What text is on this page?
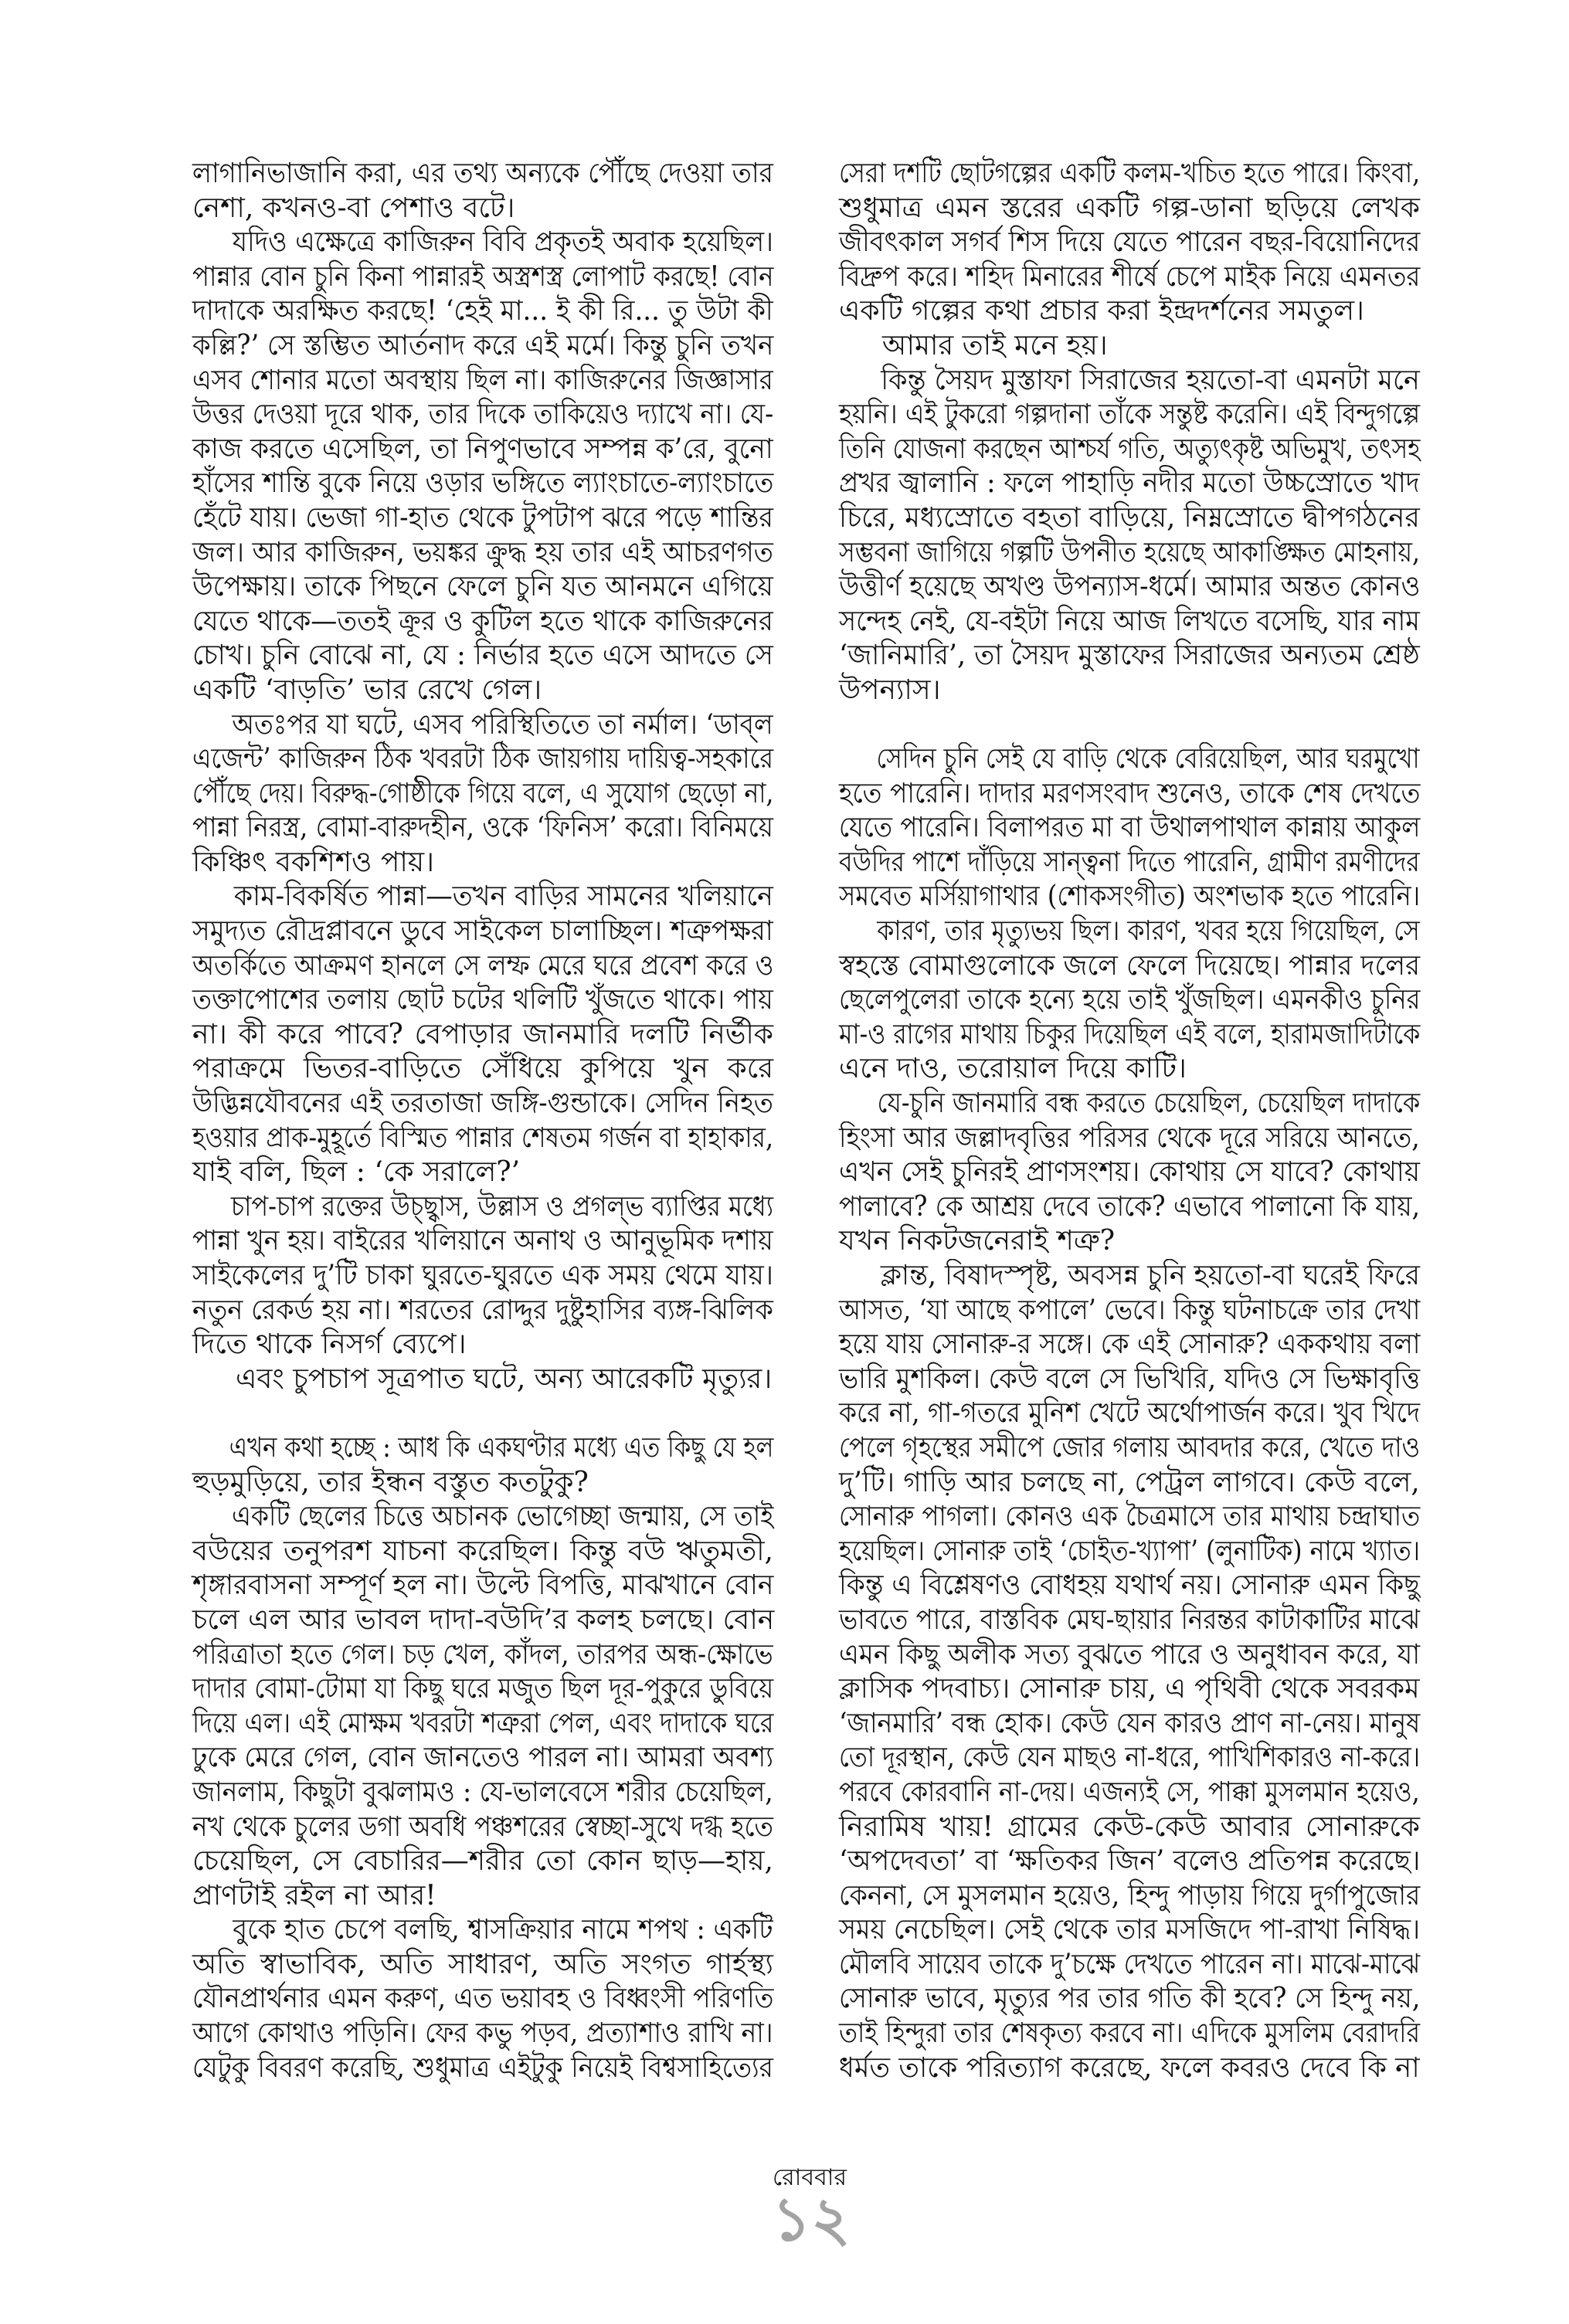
লাগানিভাজানি করা, এর তথ্য অন্যকে পৌঁছে দেওয়া তার
নেশা, কখনও-বা পেশাও বটে।
যদিও এক্ষেত্রে কাজিরুন বিবি প্রকৃতই অবাক হয়েছিল।
পান্নার বোন চুনি কিনা পান্নারই অস্ত্রশস্ত্র লোপাট করছে! বোন
দাদাকে অরক্ষিত করছে! ‘হেই মা... ই কী রি... তু উটা কী
কল্লি?’ সে স্তম্ভিত আর্তনাদ করে এই মর্মে। কিন্তু চুনি তখন
এসব শোনার মতো অবস্থায় ছিল না। কাজিরুনের জিজ্ঞাসার
উত্তর দেওয়া দূরে থাক, তার দিকে তাকিয়েও দ্যাখে না। যে-
কাজ করতে এসেছিল, তা নিপুণভাবে সম্পন্ন ক’রে, বুনো
হাঁসের শান্তি বুকে নিয়ে ওড়ার ভঙ্গিতে ল্যাংচাতে-ল্যাংচাতে
হেঁটে যায়। ভেজা গা-হাত থেকে টুপটাপ ঝরে পড়ে শান্তির
জল। আর কাজিরুন, ভয়ঙ্কর ক্রুদ্ধ হয় তার এই আচরণগত
উপেক্ষায়। তাকে পিছনে ফেলে চুনি যত আনমনে এগিয়ে
যেতে থাকে—ততই ক্রূর ও কুটিল হতে থাকে কাজিরুনের
চোখ। চুনি বোঝে না, যে : নির্ভার হতে এসে আদতে সে
একটি ‘বাড়তি’ ভার রেখে গেল।
অতঃপর যা ঘটে, এসব পরিস্থিতিতে তা নর্মাল। ‘ডাব্‌ল
এজেন্ট’ কাজিরুন ঠিক খবরটা ঠিক জায়গায় দায়িত্ব-সহকারে
পৌঁছে দেয়। বিরুদ্ধ-গোষ্ঠীকে গিয়ে বলে, এ সুযোগ ছেড়ো না,
পান্না নিরস্ত্র, বোমা-বারুদহীন, ওকে ‘ফিনিস’ করো। বিনিময়ে
কিঞ্চিৎ বকশিশও পায়।
কাম-বিকর্ষিত পান্না—তখন বাড়ির সামনের খলিয়ানে
সমুদ্যত রৌদ্রপ্লাবনে ডুবে সাইকেল চালাচ্ছিল। শত্রুপক্ষরা
অতর্কিতে আক্রমণ হানলে সে লম্ফ মেরে ঘরে প্রবেশ করে ও
তক্তাপোশের তলায় ছোট চটের থলিটি খুঁজতে থাকে। পায়
না। কী করে পাবে? বেপাড়ার জানমারি দলটি নির্ভীক
পরাক্রমে ভিতর-বাড়িতে সেঁধিয়ে কুপিয়ে খুন করে
উদ্ভিন্নযৌবনের এই তরতাজা জঙ্গি-গুন্ডাকে। সেদিন নিহত
হওয়ার প্রাক-মুহূর্তে বিস্মিত পান্নার শেষতম গর্জন বা হাহাকার,
যাই বলি, ছিল : ‘কে সরালে?’
চাপ-চাপ রক্তের উচ্ছ্বাস, উল্লাস ও প্রগল্‌ভ ব্যাপ্তির মধ্যে
পান্না খুন হয়। বাইরের খলিয়ানে অনাথ ও আনুভূমিক দশায়
সাইকেলের দু’টি চাকা ঘুরতে-ঘুরতে এক সময় থেমে যায়।
নতুন রেকর্ড হয় না। শরতের রোদ্দুর দুষ্টুহাসির ব্যঙ্গ-ঝিলিক
দিতে থাকে নিসর্গ ব্যেপে।
এবং চুপচাপ সূত্রপাত ঘটে, অন্য আরেকটি মৃত্যুর।
এখন কথা হচ্ছে : আধ কি একঘণ্টার মধ্যে এত কিছু যে হল
হুড়মুড়িয়ে, তার ইন্ধন বস্তুত কতটুকু?
একটি ছেলের চিত্তে অচানক ভোগেচ্ছা জন্মায়, সে তাই
বউয়ের তনুপরশ যাচনা করেছিল। কিন্তু বউ ঋতুমতী,
শৃঙ্গারবাসনা সম্পূর্ণ হল না। উল্টে বিপত্তি, মাঝখানে বোন
চলে এল আর ভাবল দাদা-বউদি’র কলহ চলছে। বোন
পরিত্রাতা হতে গেল। চড় খেল, কাঁদল, তারপর অন্ধ-ক্ষোভে
দাদার বোমা-টোমা যা কিছু ঘরে মজুত ছিল দূর-পুকুরে ডুবিয়ে
দিয়ে এল। এই মোক্ষম খবরটা শত্রুরা পেল, এবং দাদাকে ঘরে
ঢুকে মেরে গেল, বোন জানতেও পারল না। আমরা অবশ্য
জানলাম, কিছুটা বুঝলামও : যে-ভালবেসে শরীর চেয়েছিল,
নখ থেকে চুলের ডগা অবধি পঞ্চশরের স্বেচ্ছা-সুখে দগ্ধ হতে
চেয়েছিল, সে বেচারির—শরীর তো কোন ছাড়—হায়,
প্রাণটাই রইল না আর!
বুকে হাত চেপে বলছি, শ্বাসক্রিয়ার নামে শপথ : একটি
অতি স্বাভাবিক, অতি সাধারণ, অতি সংগত গার্হস্থ্য
যৌনপ্রার্থনার এমন করুণ, এত ভয়াবহ ও বিধ্বংসী পরিণতি
আগে কোথাও পড়িনি। ফের কভু পড়ব, প্রত্যাশাও রাখি না।
যেটুকু বিবরণ করেছি, শুধুমাত্র এইটুকু নিয়েই বিশ্বসাহিত্যের
সেরা দশটি ছোটগল্পের একটি কলম-খচিত হতে পারে। কিংবা,
শুধুমাত্র এমন স্তরের একটি গল্প-ডানা ছড়িয়ে লেখক
জীবৎকাল সগর্ব শিস দিয়ে যেতে পারেন বছর-বিয়োনিদের
বিদ্রুপ করে। শহিদ মিনারের শীর্ষে চেপে মাইক নিয়ে এমনতর
একটি গল্পের কথা প্রচার করা ইন্দ্রদর্শনের সমতুল।
আমার তাই মনে হয়।
কিন্তু সৈয়দ মুস্তাফা সিরাজের হয়তো-বা এমনটা মনে
হয়নি। এই টুকরো গল্পদানা তাঁকে সন্তুষ্ট করেনি। এই বিন্দুগল্পে
তিনি যোজনা করছেন আশ্চর্য গতি, অত্যুৎকৃষ্ট অভিমুখ, তৎসহ
প্রখর জ্বালানি : ফলে পাহাড়ি নদীর মতো উচ্চস্রোতে খাদ
চিরে, মধ্যস্রোতে বহতা বাড়িয়ে, নিম্নস্রোতে দ্বীপগঠনের
সম্ভবনা জাগিয়ে গল্পটি উপনীত হয়েছে আকাঙ্ক্ষিত মোহনায়,
উত্তীর্ণ হয়েছে অখণ্ড উপন্যাস-ধর্মে। আমার অন্তত কোনও
সন্দেহ নেই, যে-বইটা নিয়ে আজ লিখতে বসেছি, যার নাম
‘জানিমারি’, তা সৈয়দ মুস্তাফের সিরাজের অন্যতম শ্রেষ্ঠ
উপন্যাস।
সেদিন চুনি সেই যে বাড়ি থেকে বেরিয়েছিল, আর ঘরমুখো
হতে পারেনি। দাদার মরণসংবাদ শুনেও, তাকে শেষ দেখতে
যেতে পারেনি। বিলাপরত মা বা উথালপাথাল কান্নায় আকুল
বউদির পাশে দাঁড়িয়ে সান্ত্বনা দিতে পারেনি, গ্রামীণ রমণীদের
সমবেত মর্সিয়াগাথার (শোকসংগীত) অংশভাক হতে পারেনি।
কারণ, তার মৃত্যুভয় ছিল। কারণ, খবর হয়ে গিয়েছিল, সে
স্বহস্তে বোমাগুলোকে জলে ফেলে দিয়েছে। পান্নার দলের
ছেলেপুলেরা তাকে হন্যে হয়ে তাই খুঁজছিল। এমনকীও চুনির
মা-ও রাগের মাথায় চিকুর দিয়েছিল এই বলে, হারামজাদিটাকে
এনে দাও, তরোয়াল দিয়ে কাটি।
যে-চুনি জানমারি বন্ধ করতে চেয়েছিল, চেয়েছিল দাদাকে
হিংসা আর জল্লাদবৃত্তির পরিসর থেকে দূরে সরিয়ে আনতে,
এখন সেই চুনিরই প্রাণসংশয়। কোথায় সে যাবে? কোথায়
পালাবে? কে আশ্রয় দেবে তাকে? এভাবে পালানো কি যায়,
যখন নিকটজনেরাই শত্রু?
ক্লান্ত, বিষাদস্পৃষ্ট, অবসন্ন চুনি হয়তো-বা ঘরেই ফিরে
আসত, ‘যা আছে কপালে’ ভেবে। কিন্তু ঘটনাচক্রে তার দেখা
হয়ে যায় সোনারু-র সঙ্গে। কে এই সোনারু? এককথায় বলা
ভারি মুশকিল। কেউ বলে সে ভিখিরি, যদিও সে ভিক্ষাবৃত্তি
করে না, গা-গতরে মুনিশ খেটে অর্থোপার্জন করে। খুব খিদে
পেলে গৃহস্থের সমীপে জোর গলায় আবদার করে, খেতে দাও
দু’টি। গাড়ি আর চলছে না, পেট্রল লাগবে। কেউ বলে,
সোনারু পাগলা। কোনও এক চৈত্রমাসে তার মাথায় চন্দ্রাঘাত
হয়েছিল। সোনারু তাই ‘চোইত-খ্যাপা’ (লুনাটিক) নামে খ্যাত।
কিন্তু এ বিশ্লেষণও বোধহয় যথার্থ নয়। সোনারু এমন কিছু
ভাবতে পারে, বাস্তবিক মেঘ-ছায়ার নিরন্তর কাটাকাটির মাঝে
এমন কিছু অলীক সত্য বুঝতে পারে ও অনুধাবন করে, যা
ক্লাসিক পদবাচ্য। সোনারু চায়, এ পৃথিবী থেকে সবরকম
‘জানমারি’ বন্ধ হোক। কেউ যেন কারও প্রাণ না-নেয়। মানুষ
তো দূরস্থান, কেউ যেন মাছও না-ধরে, পাখিশিকারও না-করে।
পরবে কোরবানি না-দেয়। এজন্যই সে, পাক্কা মুসলমান হয়েও,
নিরামিষ খায়! গ্রামের কেউ-কেউ আবার সোনারুকে
‘অপদেবতা’ বা ‘ক্ষতিকর জিন’ বলেও প্রতিপন্ন করেছে।
কেননা, সে মুসলমান হয়েও, হিন্দু পাড়ায় গিয়ে দুর্গাপুজোর
সময় নেচেছিল। সেই থেকে তার মসজিদে পা-রাখা নিষিদ্ধ।
মৌলবি সায়েব তাকে দু’চক্ষে দেখতে পারেন না। মাঝে-মাঝে
সোনারু ভাবে, মৃত্যুর পর তার গতি কী হবে? সে হিন্দু নয়,
তাই হিন্দুরা তার শেষকৃত্য করবে না। এদিকে মুসলিম বেরাদরি
ধর্মত তাকে পরিত্যাগ করেছে, ফলে কবরও দেবে কি না
রোববার
১২
